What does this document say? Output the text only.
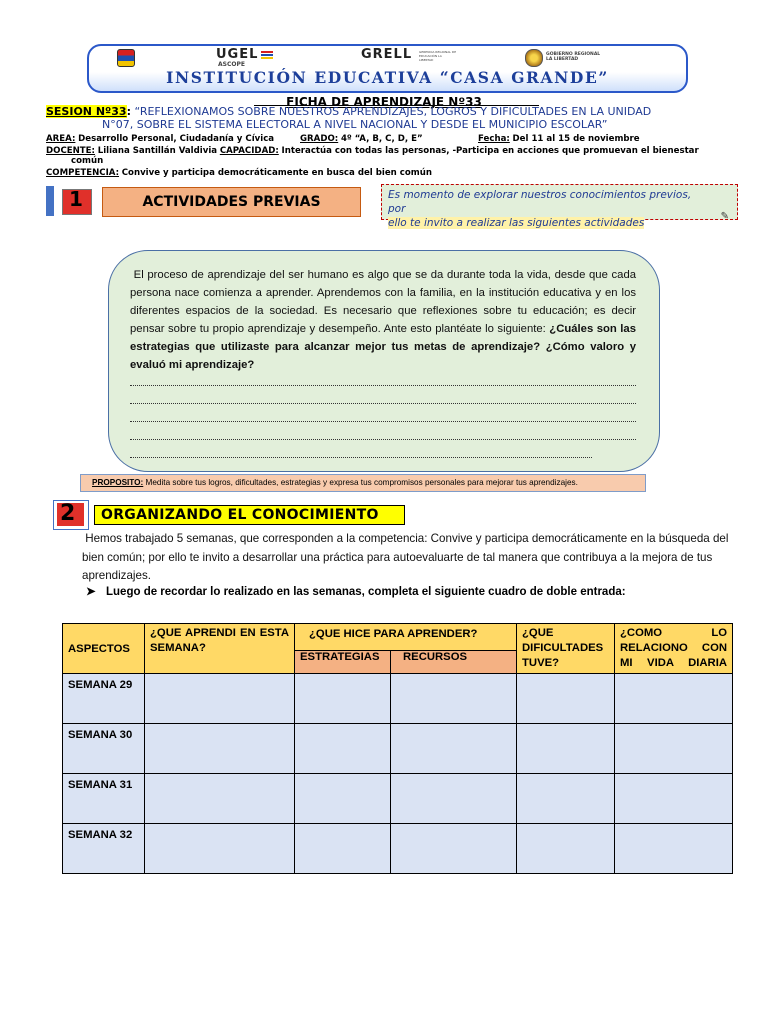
UGEL
ASCOPE
GRELL GERENCIA REGIONAL DE EDUCACIÓN LA LIBERTAD
GOBIERNO REGIONAL LA LIBERTAD
INSTITUCIÓN EDUCATIVA “CASA GRANDE”
FICHA DE APRENDIZAJE Nº33
SESION Nº33: “REFLEXIONAMOS SOBRE NUESTROS APRENDIZAJES, LOGROS Y DIFICULTADES EN LA UNIDAD
N°07, SOBRE EL SISTEMA ELECTORAL A NIVEL NACIONAL Y DESDE EL MUNICIPIO ESCOLAR”
AREA: Desarrollo Personal, Ciudadanía y Cívica	GRADO: 4º “A, B, C, D, E”	Fecha: Del 11 al 15 de noviembre
DOCENTE: Liliana Santillán Valdivia CAPACIDAD: Interactúa con todas las personas, -Participa en acciones que promuevan el bienestar
común
COMPETENCIA: Convive y participa democráticamente en busca del bien común
1	ACTIVIDADES PREVIAS	Es momento de explorar nuestros conocimientos previos, por
ello te invito a realizar las siguientes actividades
✎
El proceso de aprendizaje del ser humano es algo que se da durante toda la vida, desde que cada persona nace comienza a aprender. Aprendemos con la familia, en la institución educativa y en los diferentes espacios de la sociedad. Es necesario que reflexiones sobre tu educación; es decir pensar sobre tu propio aprendizaje y desempeño. Ante esto plantéate lo siguiente: ¿Cuáles son las estrategias que utilizaste para alcanzar mejor tus metas de aprendizaje? ¿Cómo valoro y evaluó mi aprendizaje?
PROPOSITO: Medita sobre tus logros, dificultades, estrategias y expresa tus compromisos personales para mejorar tus aprendizajes.
2	ORGANIZANDO EL CONOCIMIENTO
Hemos trabajado 5 semanas, que corresponden a la competencia: Convive y participa democráticamente en la búsqueda del bien común; por ello te invito a desarrollar una práctica para autoevaluarte de tal manera que contribuya a la mejora de tus aprendizajes.
➤ Luego de recordar lo realizado en las semanas, completa el siguiente cuadro de doble entrada:
ASPECTOS	¿QUE APRENDI EN ESTA SEMANA?	¿QUE HICE PARA APRENDER?		¿QUE DIFICULTADES TUVE?	¿COMO LO RELACIONO CON MI VIDA DIARIA

		ESTRATEGIAS	RECURSOS		
SEMANA 29					
SEMANA 30					
SEMANA 31					
SEMANA 32					
